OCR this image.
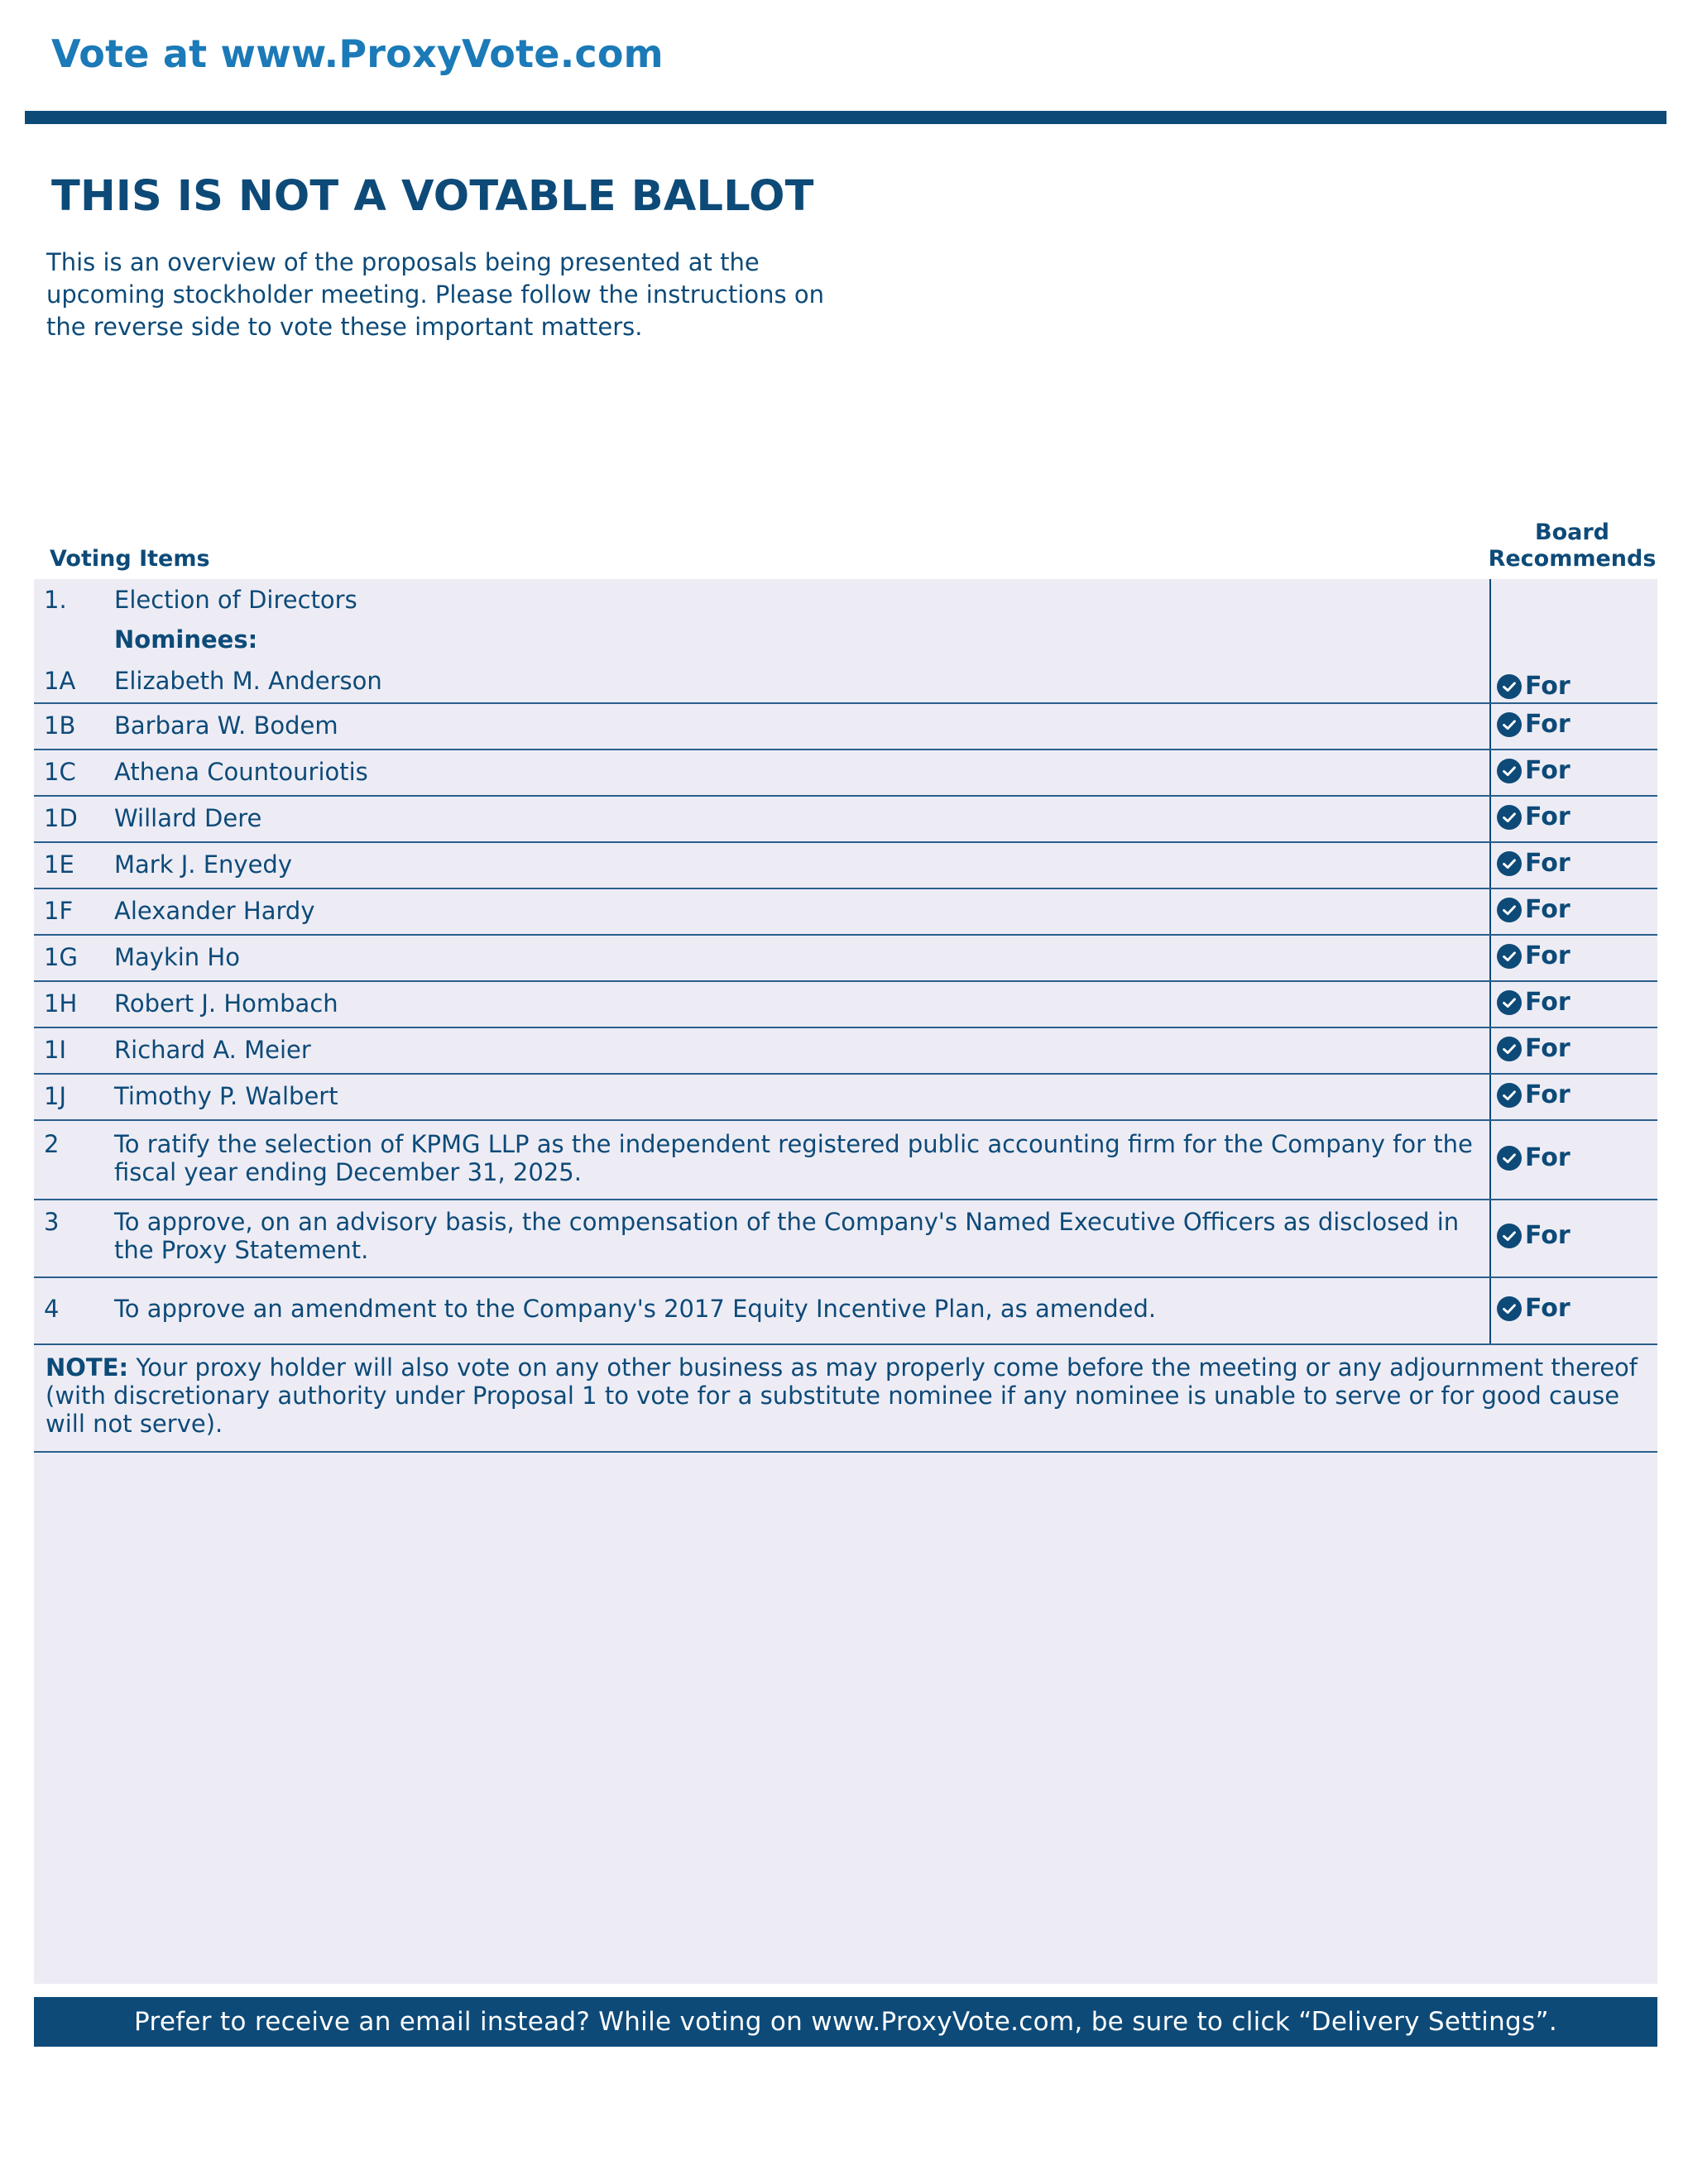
Vote at www.ProxyVote.com
THIS IS NOT A VOTABLE BALLOT
This is an overview of the proposals being presented at the upcoming stockholder meeting. Please follow the instructions on the reverse side to vote these important matters.
Voting Items
Board Recommends
1. Election of Directors
Nominees:
1A Elizabeth M. Anderson	For
1B Barbara W. Bodem	For
1C Athena Countouriotis	For
1D Willard Dere	For
1E Mark J. Enyedy	For
1F Alexander Hardy	For
1G Maykin Ho	For
1H Robert J. Hombach	For
1I Richard A. Meier	For
1J Timothy P. Walbert	For
2 To ratify the selection of KPMG LLP as the independent registered public accounting firm for the Company for the fiscal year ending December 31, 2025.	For
3 To approve, on an advisory basis, the compensation of the Company's Named Executive Officers as disclosed in the Proxy Statement.	For
4 To approve an amendment to the Company's 2017 Equity Incentive Plan, as amended.	For
NOTE: Your proxy holder will also vote on any other business as may properly come before the meeting or any adjournment thereof (with discretionary authority under Proposal 1 to vote for a substitute nominee if any nominee is unable to serve or for good cause will not serve).
Prefer to receive an email instead? While voting on www.ProxyVote.com, be sure to click “Delivery Settings”.
